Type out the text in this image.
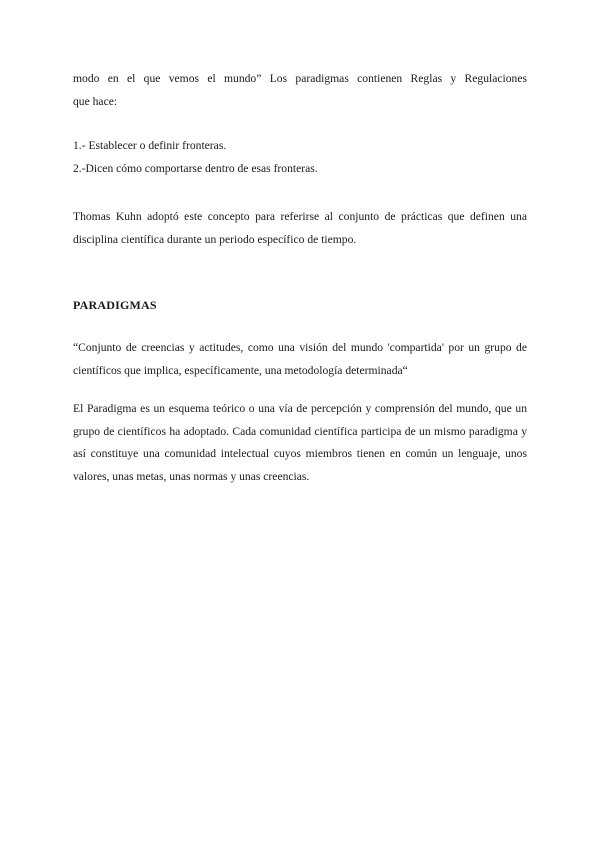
modo en el que vemos el mundo” Los paradigmas contienen Reglas y Regulaciones
que hace:

1.- Establecer o definir fronteras.
2.-Dicen cómo comportarse dentro de esas fronteras.

Thomas Kuhn adoptó este concepto para referirse al conjunto de prácticas que definen una disciplina científica durante un periodo específico de tiempo.

PARADIGMAS

“Conjunto de creencias y actitudes, como una visión del mundo 'compartida' por un grupo de científicos que implica, específicamente, una metodología determinada“

El Paradigma es un esquema teórico o una vía de percepción y comprensión del mundo, que un grupo de científicos ha adoptado. Cada comunidad científica participa de un mismo paradigma y así constituye una comunidad intelectual cuyos miembros tienen en común un lenguaje, unos valores, unas metas, unas normas y unas creencias.
